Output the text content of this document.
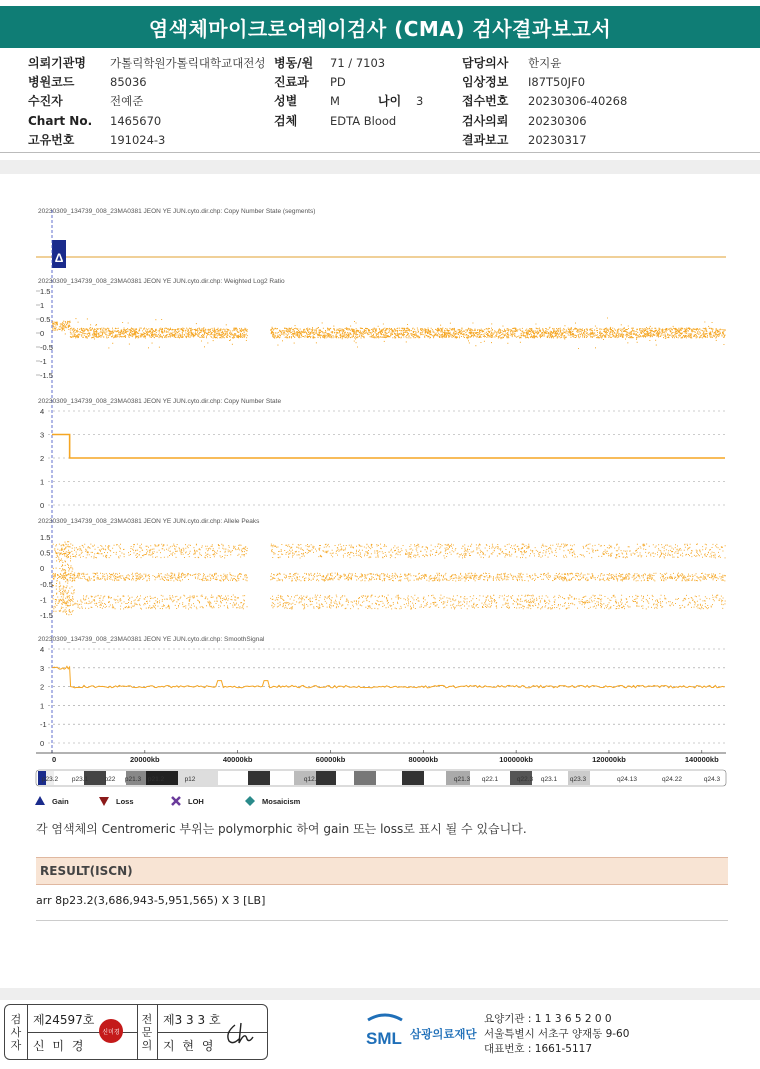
염색체마이크로어레이검사 (CMA) 검사결과보고서
의뢰기관명 가톨릭학원가톨릭대학교대전성 병동/원 71 / 7103	담당의사 한지윤
병원코드	85036	진료과 PD	임상정보 I87T50JF0
수진자	전예준	성별	M	나이 3	접수번호 20230306-40268
Chart No. 1465670	검체	EDTA Blood	검사의뢰 20230306
고유번호	191024-3	결과보고 20230317
20230309_134739_008_23MA0381 JEON YE JUN.cyto.dir.chp: Copy Number State (segments)
Δ
20230309_134739_008_23MA0381 JEON YE JUN.cyto.dir.chp: Weighted Log2 Ratio
1.5
1
0.5
0
-0.5
-1
-1.5
20230309_134739_008_23MA0381 JEON YE JUN.cyto.dir.chp: Copy Number State
4
3
2
1
0
20230309_134739_008_23MA0381 JEON YE JUN.cyto.dir.chp: Allele Peaks
1.5
0.5
0
-0.5
-1
-1.5
20230309_134739_008_23MA0381 JEON YE JUN.cyto.dir.chp: SmoothSignal
4
3
2
1
-1
0
0	20000kb	40000kb	60000kb	80000kb	100000kb	120000kb	140000kb
p23.2 p23.1	p22 p21.3 p21.2	p12	q12.1	q21.3 q22.1	q22.3 q23.1 q23.3	q24.13	q24.22	q24.3
Gain	Loss	LOH	Mosaicism
각 염색체의 Centromeric 부위는 polymorphic 하여 gain 또는 loss로 표시 될 수 있습니다.
RESULT(ISCN)
arr 8p23.2(3,686,943-5,951,565) X 3 [LB]
검사자
제24597호
신 미 경
신미경
전문의
제3 3 3 호
지 현 영	SML 삼광의료재단
요양기관 : 1 1 3 6 5 2 0 0
서울특별시 서초구 양재동 9-60
대표번호 : 1661-5117
